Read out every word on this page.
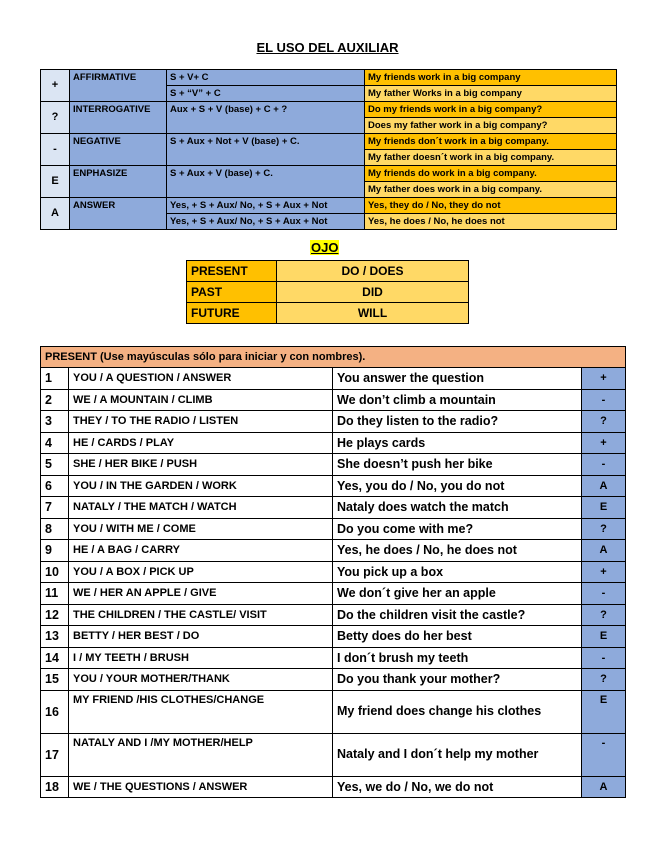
EL USO DEL AUXILIAR
+	AFFIRMATIVE	S + V+ C	My friends work in a big company
		S + “V” + C	My father Works in a big company
?	INTERROGATIVE	Aux + S + V (base) + C + ?	Do my friends work in a big company?
			Does my father work in a big company?
-	NEGATIVE	S + Aux + Not + V (base) + C.	My friends don´t work in a big company.
			My father doesn´t work in a big company.
E	ENPHASIZE	S + Aux + V (base) + C.	My friends do work in a big company.
			My father does work in a big company.
A	ANSWER	Yes, + S + Aux/ No, + S + Aux + Not	Yes, they do / No, they do not
		Yes, + S + Aux/ No, + S + Aux + Not	Yes, he does / No, he does not
OJO
PRESENT	DO / DOES
PAST	DID
FUTURE	WILL
PRESENT (Use mayúsculas sólo para iniciar y con nombres).			
1	YOU / A QUESTION / ANSWER	You answer the question	+
2	WE / A MOUNTAIN / CLIMB	We don’t climb a mountain	-
3	THEY / TO THE RADIO / LISTEN	Do they listen to the radio?	?
4	HE / CARDS / PLAY	He plays cards	+
5	SHE / HER BIKE / PUSH	She doesn’t push her bike	-
6	YOU / IN THE GARDEN / WORK	Yes, you do / No, you do not	A
7	NATALY / THE MATCH / WATCH	Nataly does watch the match	E
8	YOU / WITH ME / COME	Do you come with me?	?
9	HE / A BAG / CARRY	Yes, he does / No, he does not	A
10	YOU / A BOX / PICK UP	You pick up a box	+
11	WE / HER AN APPLE / GIVE	We don´t give her an apple	-
12	THE CHILDREN / THE CASTLE/ VISIT	Do the children visit the castle?	?
13	BETTY / HER BEST / DO	Betty does do her best	E
14	I / MY TEETH / BRUSH	I don´t brush my teeth	-
15	YOU / YOUR MOTHER/THANK	Do you thank your mother?	?
16	MY FRIEND /HIS CLOTHES/CHANGE	My friend does change his clothes	E
17	NATALY AND I /MY MOTHER/HELP	Nataly and I don´t help my mother	-
18	WE / THE QUESTIONS / ANSWER	Yes, we do / No, we do not	A
